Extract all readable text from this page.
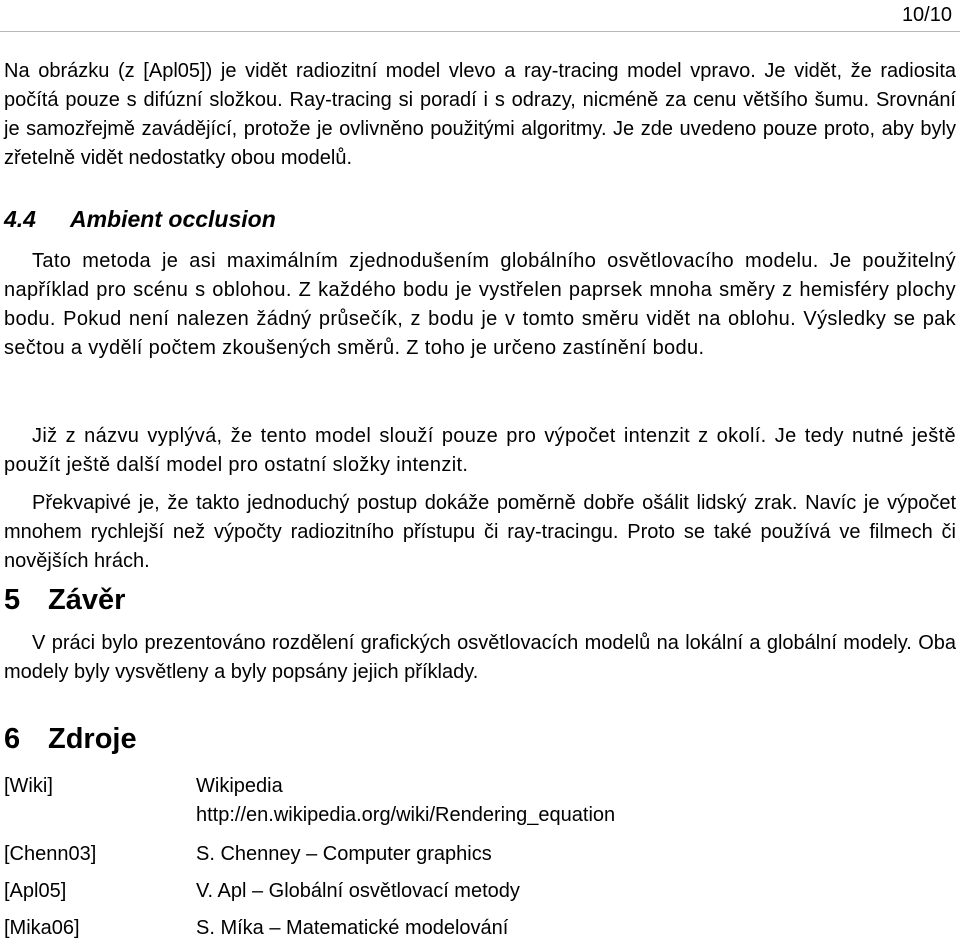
10/10

Na obrázku (z [Apl05]) je vidět radiozitní model vlevo a ray-tracing model vpravo. Je vidět, že radiosita počítá pouze s difúzní složkou. Ray-tracing si poradí i s odrazy, nicméně za cenu většího šumu. Srovnání je samozřejmě zavádějící, protože je ovlivněno použitými algoritmy. Je zde uvedeno pouze proto, aby byly zřetelně vidět nedostatky obou modelů.

4.4 Ambient occlusion

Tato metoda je asi maximálním zjednodušením globálního osvětlovacího modelu. Je použitelný například pro scénu s oblohou. Z každého bodu je vystřelen paprsek mnoha směry z hemisféry plochy bodu. Pokud není nalezen žádný průsečík, z bodu je v tomto směru vidět na oblohu. Výsledky se pak sečtou a vydělí počtem zkoušených směrů. Z toho je určeno zastínění bodu.

Již z názvu vyplývá, že tento model slouží pouze pro výpočet intenzit z okolí. Je tedy nutné ještě použít ještě další model pro ostatní složky intenzit.

Překvapivé je, že takto jednoduchý postup dokáže poměrně dobře ošálit lidský zrak. Navíc je výpočet mnohem rychlejší než výpočty radiozitního přístupu či ray-tracingu. Proto se také používá ve filmech či novějších hrách.

5 Závěr

V práci bylo prezentováno rozdělení grafických osvětlovacích modelů na lokální a globální modely. Oba modely byly vysvětleny a byly popsány jejich příklady.

6 Zdroje
[Wiki]	Wikipedia
http://en.wikipedia.org/wiki/Rendering_equation
[Chenn03]	S. Chenney – Computer graphics
[Apl05]	V. Apl – Globální osvětlovací metody
[Mika06]	S. Míka – Matematické modelování
